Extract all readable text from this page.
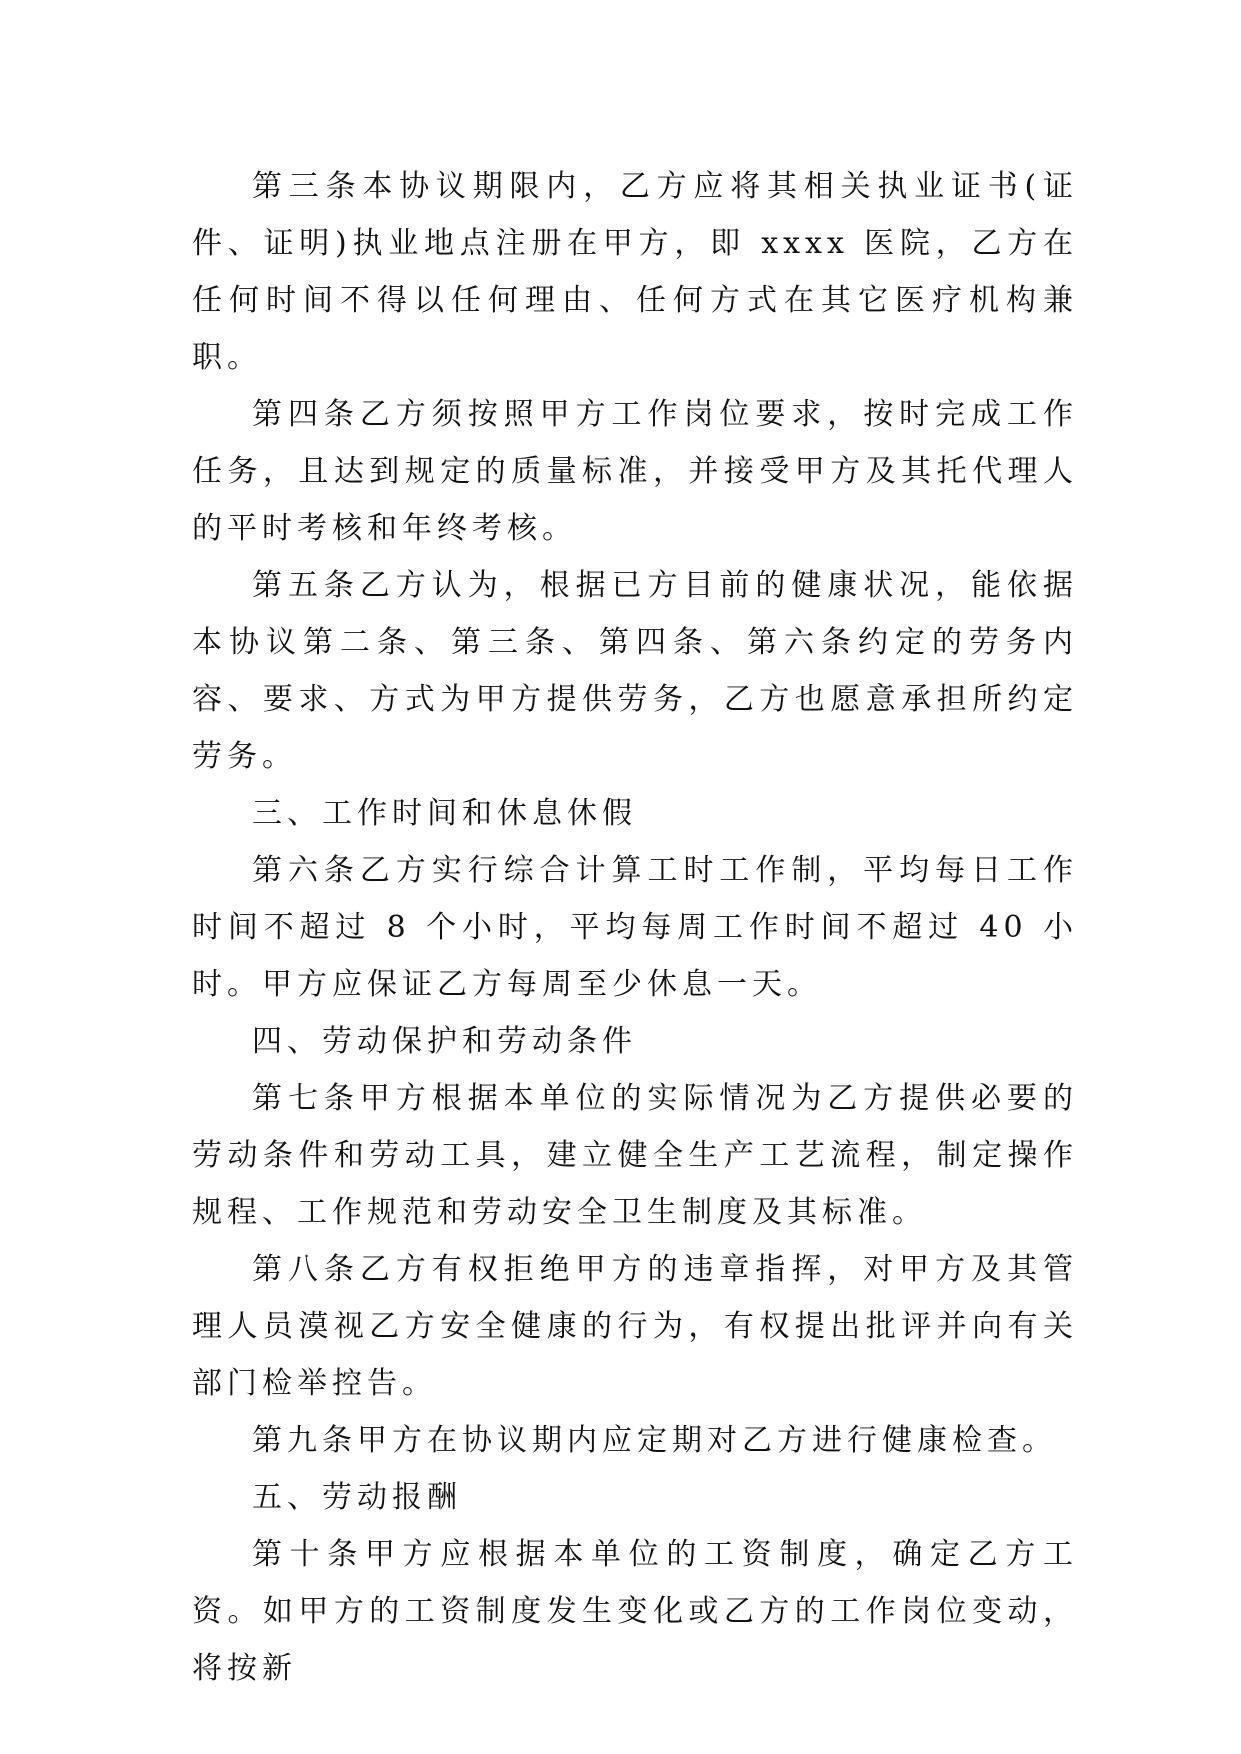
第三条本协议期限内，乙方应将其相关执业证书(证件、证明)执业地点注册在甲方，即 xxxx 医院，乙方在任何时间不得以任何理由、任何方式在其它医疗机构兼职。

第四条乙方须按照甲方工作岗位要求，按时完成工作任务，且达到规定的质量标准，并接受甲方及其托代理人的平时考核和年终考核。

第五条乙方认为，根据已方目前的健康状况，能依据本协议第二条、第三条、第四条、第六条约定的劳务内容、要求、方式为甲方提供劳务，乙方也愿意承担所约定劳务。

三、工作时间和休息休假

第六条乙方实行综合计算工时工作制，平均每日工作时间不超过 8 个小时，平均每周工作时间不超过 40 小时。甲方应保证乙方每周至少休息一天。

四、劳动保护和劳动条件

第七条甲方根据本单位的实际情况为乙方提供必要的劳动条件和劳动工具，建立健全生产工艺流程，制定操作规程、工作规范和劳动安全卫生制度及其标准。

第八条乙方有权拒绝甲方的违章指挥，对甲方及其管理人员漠视乙方安全健康的行为，有权提出批评并向有关部门检举控告。

第九条甲方在协议期内应定期对乙方进行健康检查。

五、劳动报酬

第十条甲方应根据本单位的工资制度，确定乙方工资。如甲方的工资制度发生变化或乙方的工作岗位变动，将按新
